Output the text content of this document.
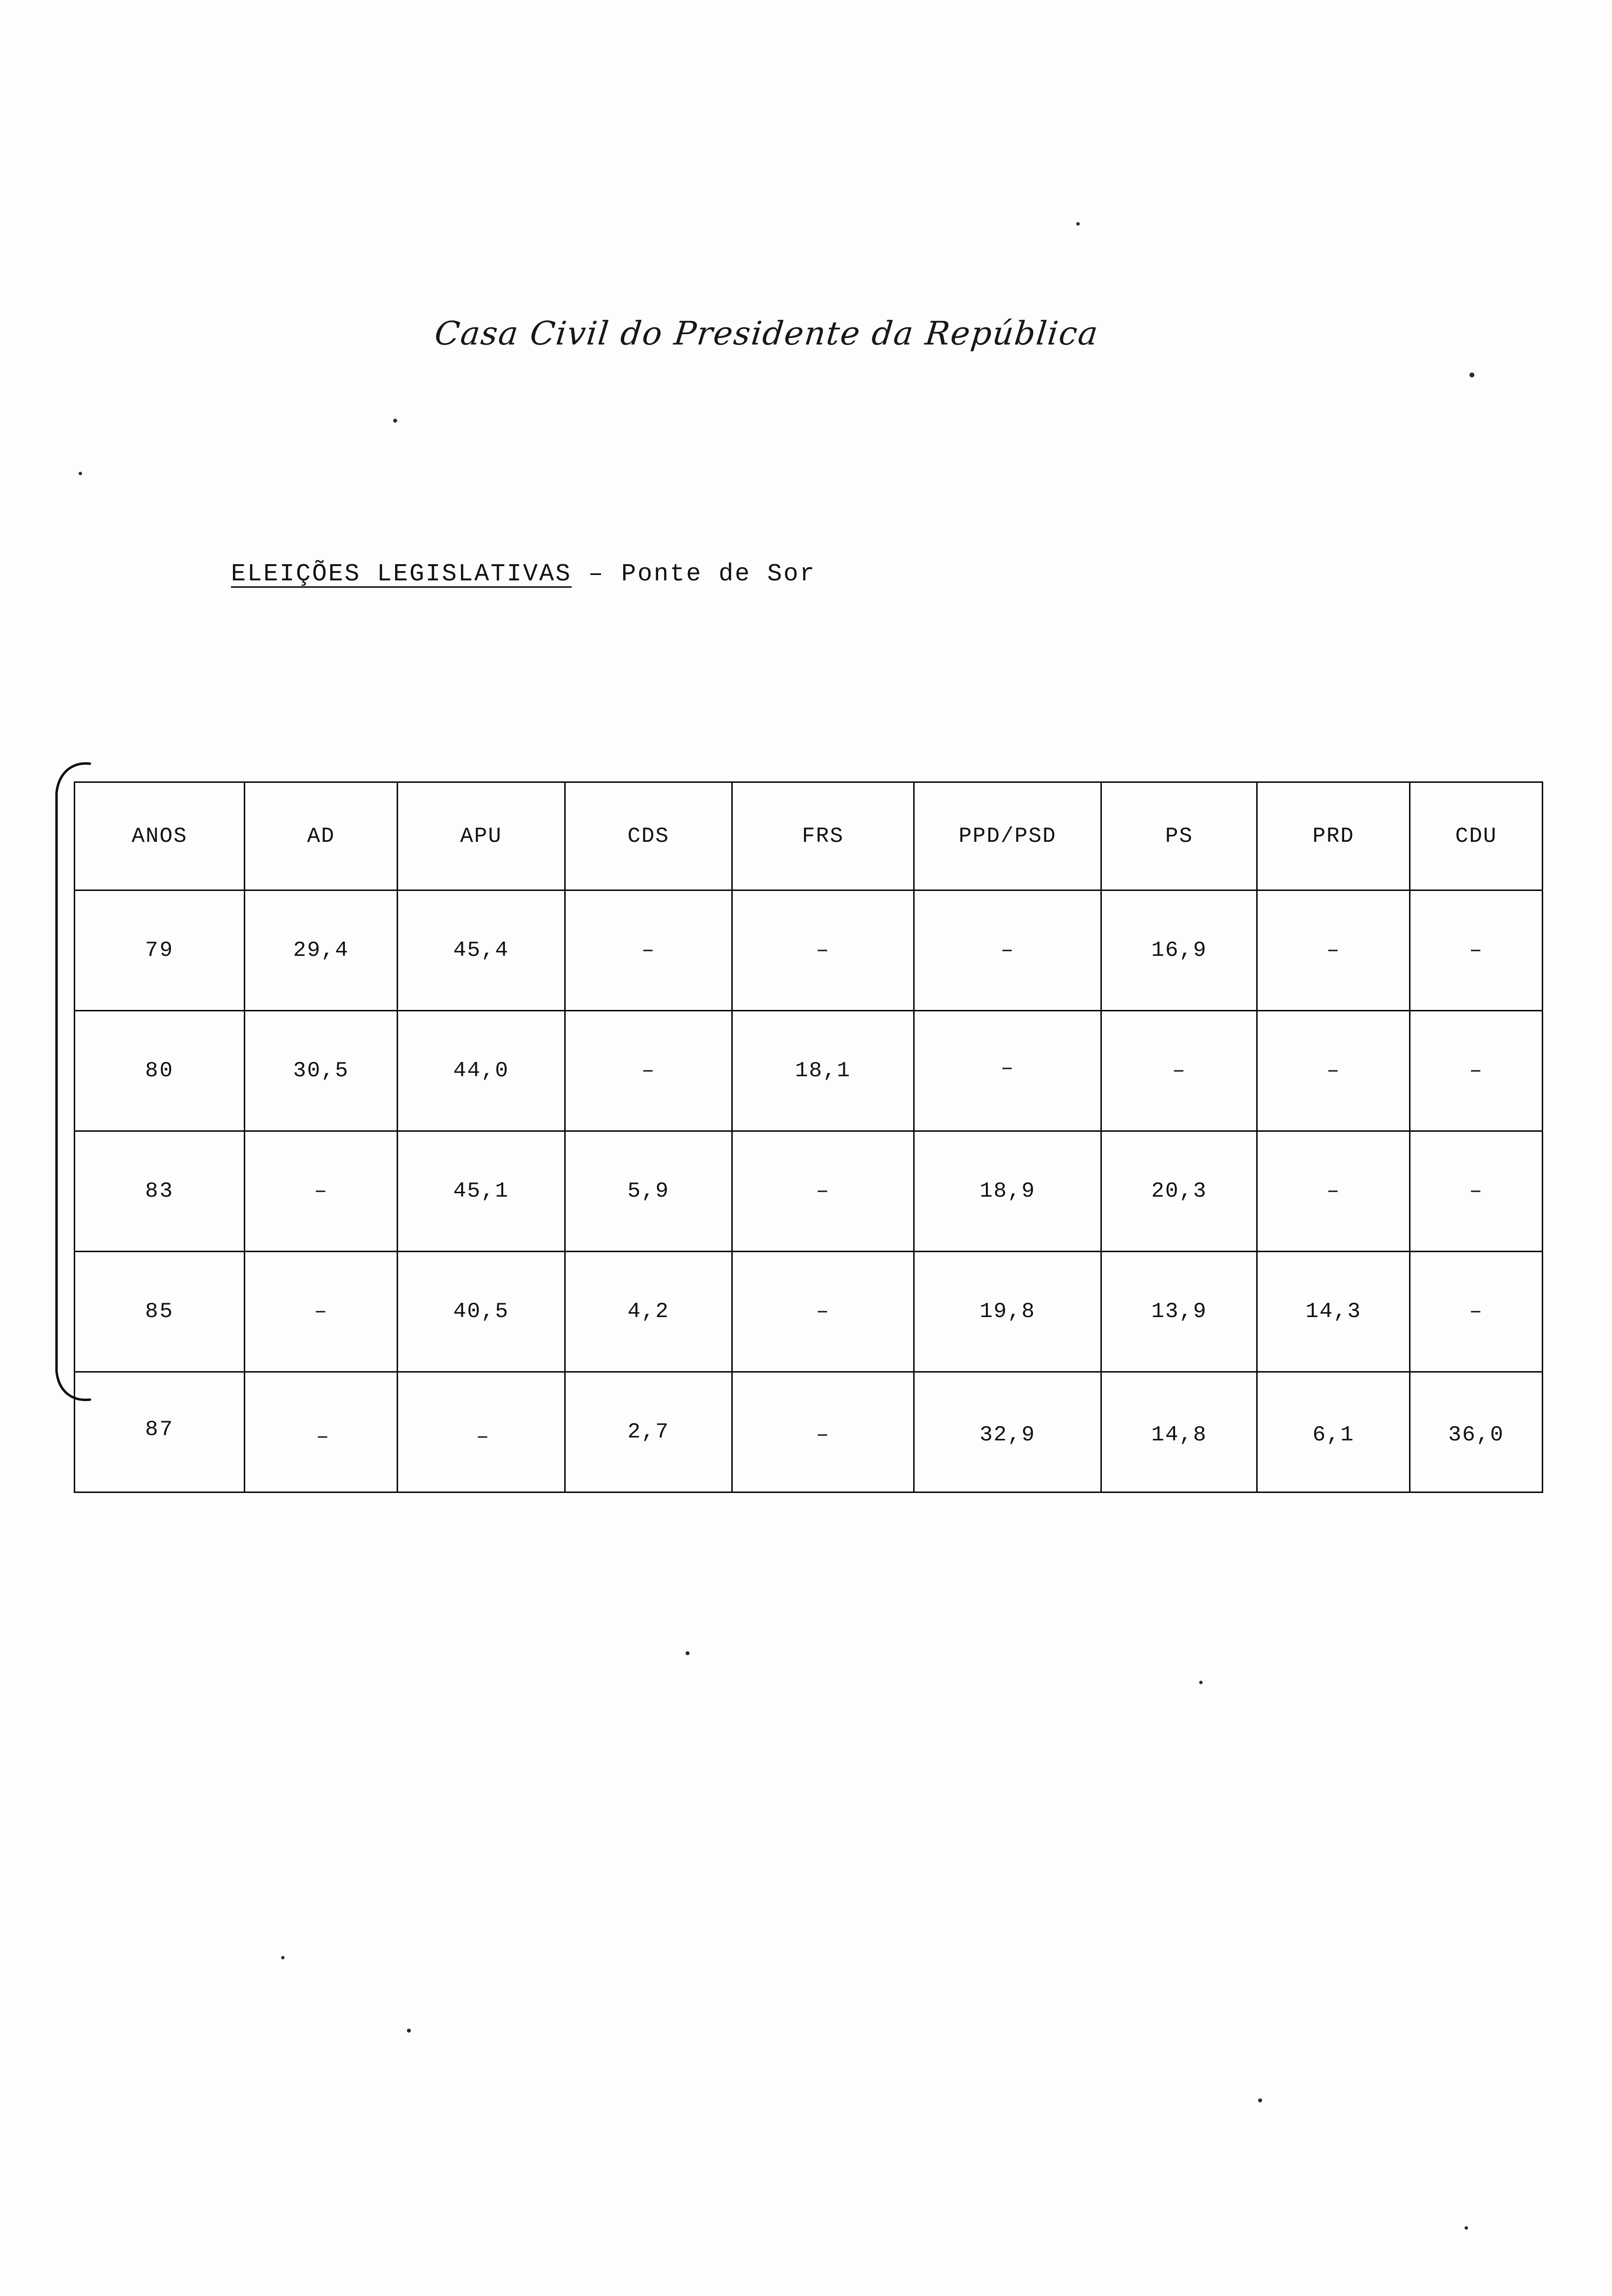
Casa Civil do Presidente da República
ELEIÇÕES LEGISLATIVAS – Ponte de Sor
ANOS	AD	APU	CDS	FRS	PPD/PSD	PS	PRD	CDU
79	29,4	45,4	–	–	–	16,9	–	–
80	30,5	44,0	–	18,1	–	–	–	–
83	–	45,1	5,9	–	18,9	20,3	–	–
85	–	40,5	4,2	–	19,8	13,9	14,3	–
87	–	–	2,7	–	32,9	14,8	6,1	36,0
